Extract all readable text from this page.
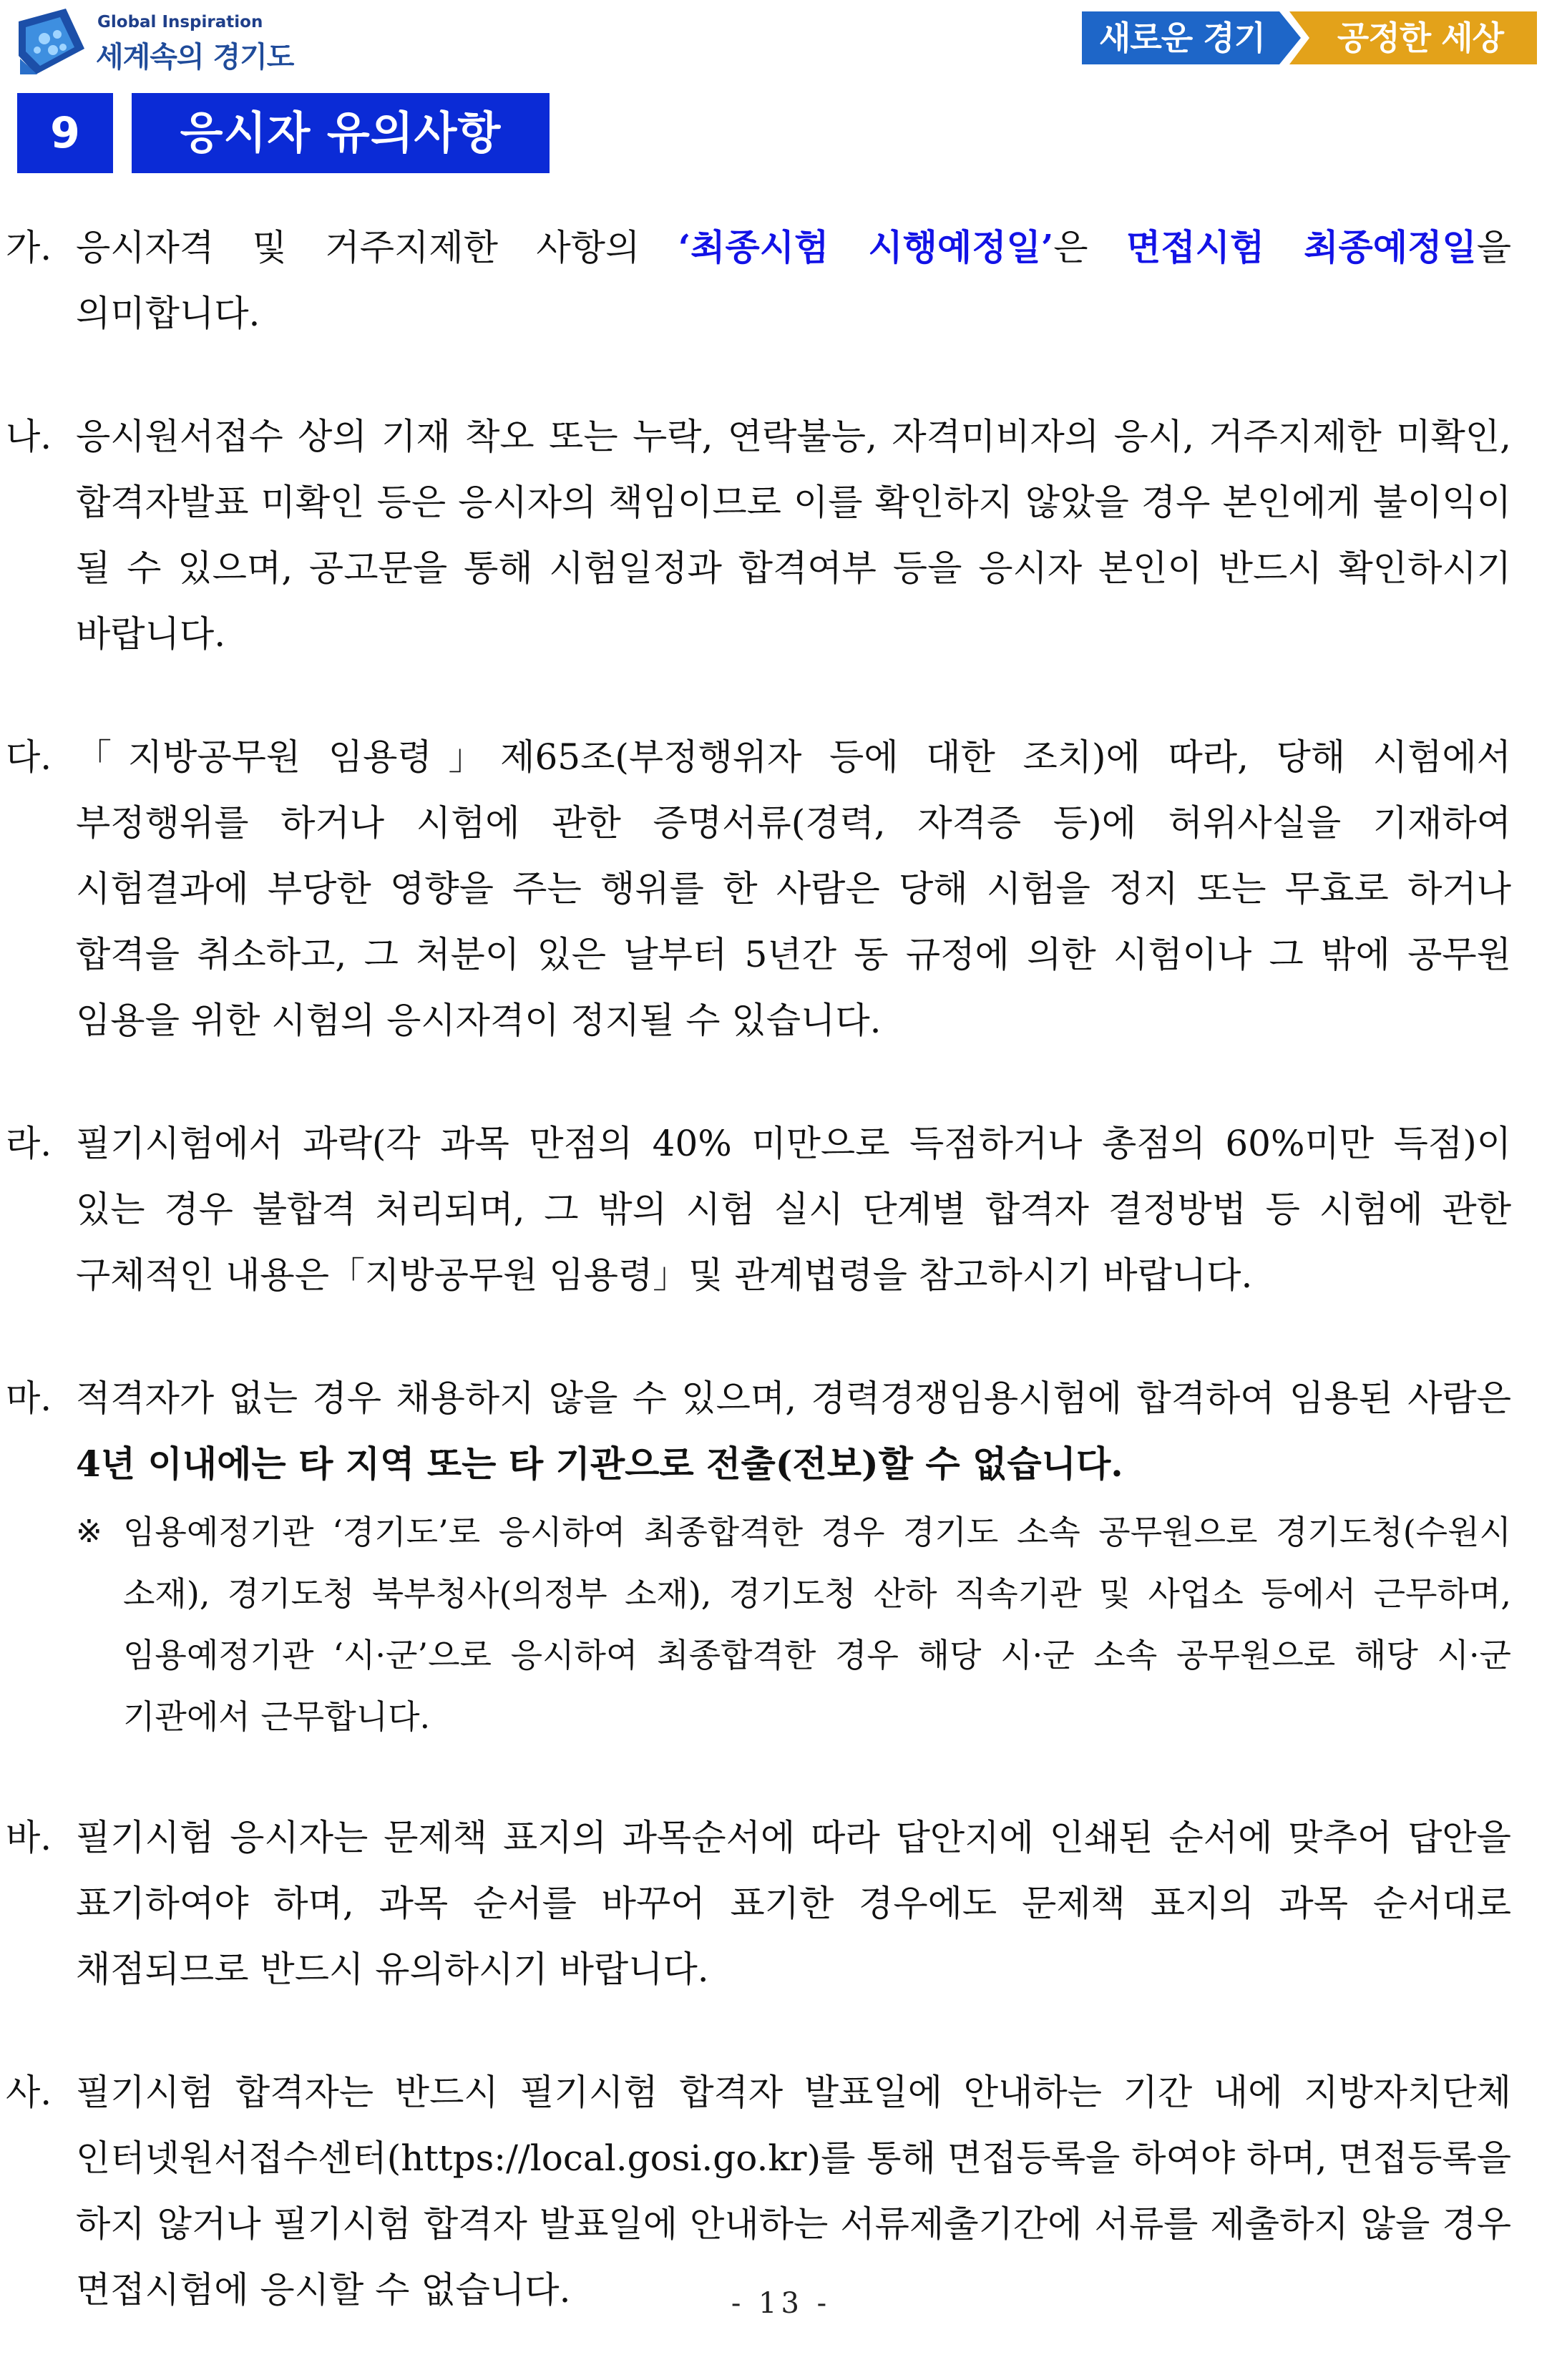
Global Inspiration
세계속의 경기도	새로운 경기	공정한 세상
9	응시자 유의사항
가. 응시자격 및 거주지제한 사항의 ‘최종시험 시행예정일’은 면접시험 최종예정일을 의미합니다.
나. 응시원서접수 상의 기재 착오 또는 누락, 연락불능, 자격미비자의 응시, 거주지제한 미확인, 합격자발표 미확인 등은 응시자의 책임이므로 이를 확인하지 않았을 경우 본인에게 불이익이 될 수 있으며, 공고문을 통해 시험일정과 합격여부 등을 응시자 본인이 반드시 확인하시기 바랍니다.
다. 「지방공무원 임용령」제65조(부정행위자 등에 대한 조치)에 따라, 당해 시험에서 부정행위를 하거나 시험에 관한 증명서류(경력, 자격증 등)에 허위사실을 기재하여 시험결과에 부당한 영향을 주는 행위를 한 사람은 당해 시험을 정지 또는 무효로 하거나 합격을 취소하고, 그 처분이 있은 날부터 5년간 동 규정에 의한 시험이나 그 밖에 공무원 임용을 위한 시험의 응시자격이 정지될 수 있습니다.
라. 필기시험에서 과락(각 과목 만점의 40% 미만으로 득점하거나 총점의 60%미만 득점)이 있는 경우 불합격 처리되며, 그 밖의 시험 실시 단계별 합격자 결정방법 등 시험에 관한 구체적인 내용은「지방공무원 임용령」및 관계법령을 참고하시기 바랍니다.
마. 적격자가 없는 경우 채용하지 않을 수 있으며, 경력경쟁임용시험에 합격하여 임용된 사람은 4년 이내에는 타 지역 또는 타 기관으로 전출(전보)할 수 없습니다.
※ 임용예정기관 ‘경기도’로 응시하여 최종합격한 경우 경기도 소속 공무원으로 경기도청(수원시 소재), 경기도청 북부청사(의정부 소재), 경기도청 산하 직속기관 및 사업소 등에서 근무하며, 임용예정기관 ‘시·군’으로 응시하여 최종합격한 경우 해당 시·군 소속 공무원으로 해당 시·군 기관에서 근무합니다.
바. 필기시험 응시자는 문제책 표지의 과목순서에 따라 답안지에 인쇄된 순서에 맞추어 답안을 표기하여야 하며, 과목 순서를 바꾸어 표기한 경우에도 문제책 표지의 과목 순서대로 채점되므로 반드시 유의하시기 바랍니다.
사. 필기시험 합격자는 반드시 필기시험 합격자 발표일에 안내하는 기간 내에 지방자치단체 인터넷원서접수센터(https://local.gosi.go.kr)를 통해 면접등록을 하여야 하며, 면접등록을 하지 않거나 필기시험 합격자 발표일에 안내하는 서류제출기간에 서류를 제출하지 않을 경우 면접시험에 응시할 수 없습니다.	- 13 -
